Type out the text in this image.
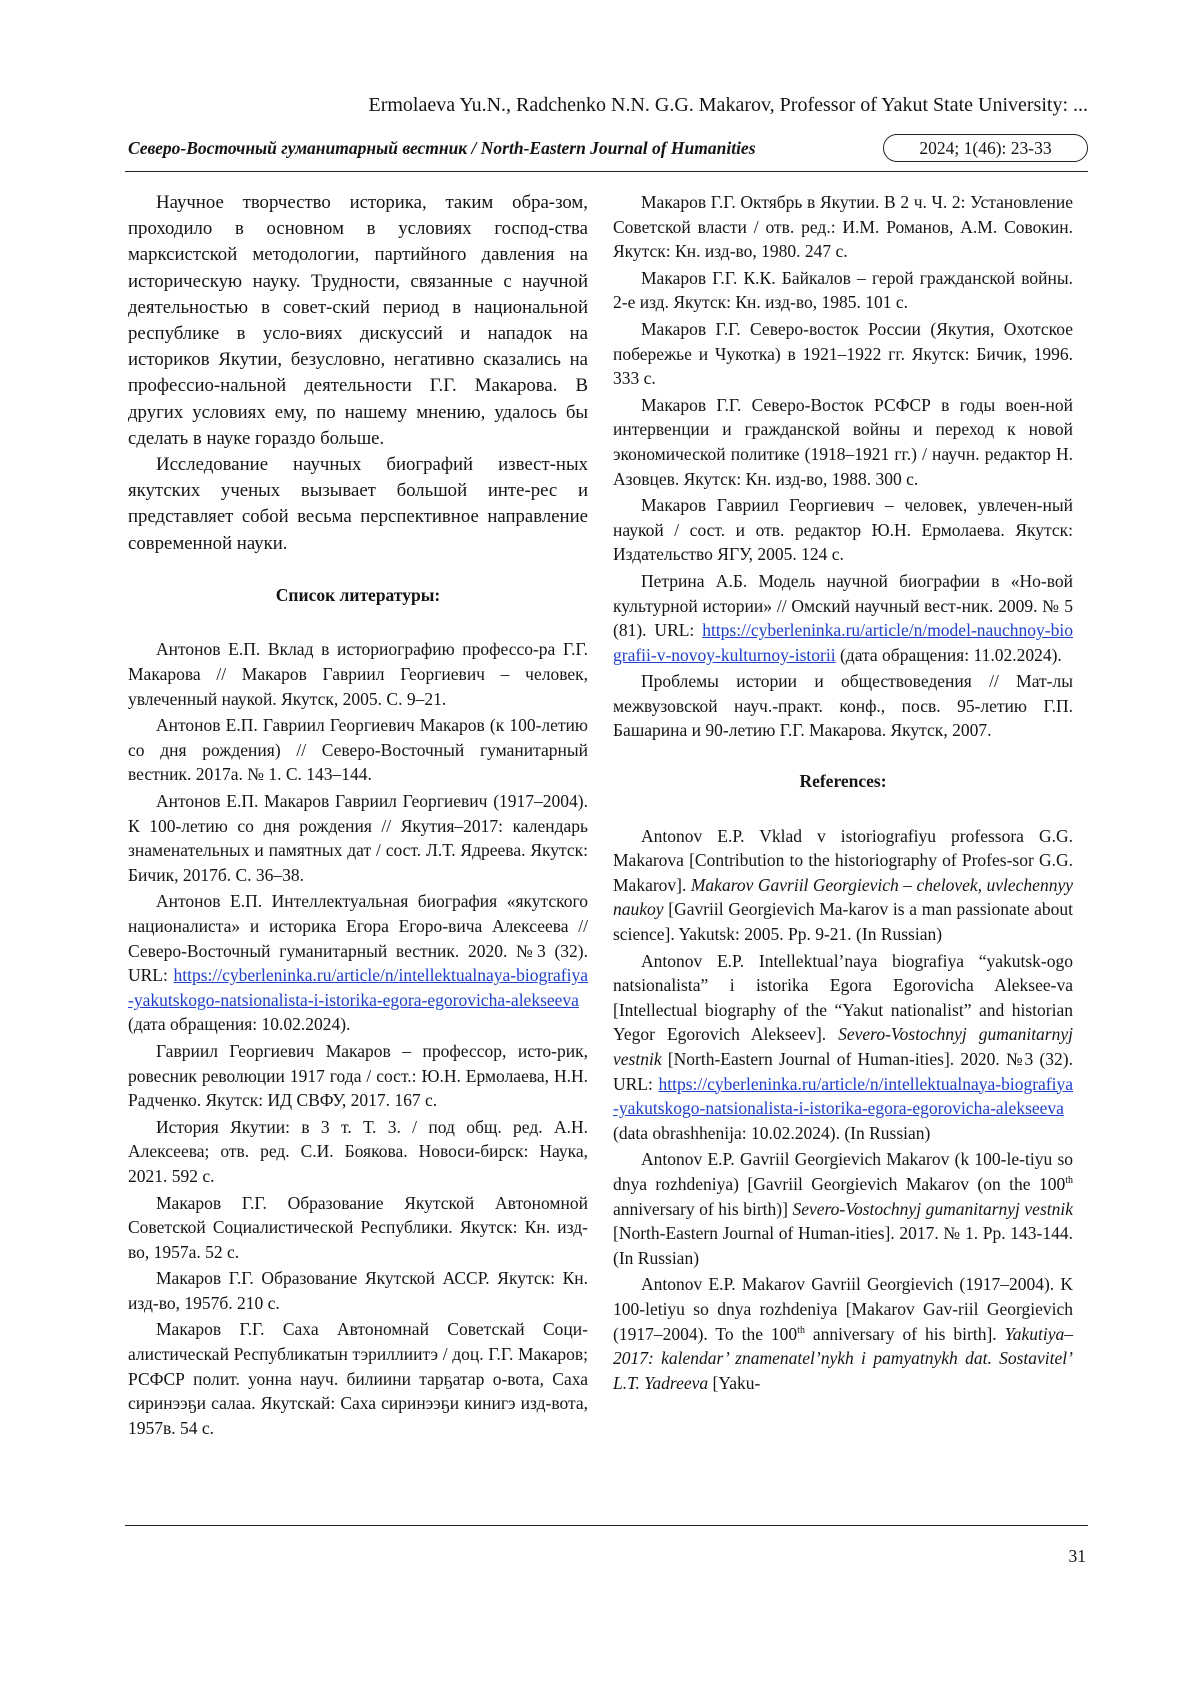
Ermolaeva Yu.N., Radchenko N.N. G.G. Makarov, Professor of Yakut State University: ...
Северо-Восточный гуманитарный вестник / North-Eastern Journal of Humanities	2024; 1(46): 23-33

Научное творчество историка, таким обра-зом, проходило в основном в условиях господ-ства марксистской методологии, партийного давления на историческую науку. Трудности, связанные с научной деятельностью в совет-ский период в национальной республике в усло-виях дискуссий и нападок на историков Якутии, безусловно, негативно сказались на профессио-нальной деятельности Г.Г. Макарова. В других условиях ему, по нашему мнению, удалось бы сделать в науке гораздо больше.

Исследование научных биографий извест-ных якутских ученых вызывает большой инте-рес и представляет собой весьма перспективное направление современной науки.

Список литературы:

Антонов Е.П. Вклад в историографию профессо-ра Г.Г. Макарова // Макаров Гавриил Георгиевич – человек, увлеченный наукой. Якутск, 2005. С. 9–21.

Антонов Е.П. Гавриил Георгиевич Макаров (к 100-летию со дня рождения) // Северо-Восточный гуманитарный вестник. 2017а. № 1. С. 143–144.

Антонов Е.П. Макаров Гавриил Георгиевич (1917–2004). К 100-летию со дня рождения // Якутия–2017: календарь знаменательных и памятных дат / сост. Л.Т. Ядреева. Якутск: Бичик, 2017б. С. 36–38.

Антонов Е.П. Интеллектуальная биография «якутского националиста» и историка Егора Егоро-вича Алексеева // Северо-Восточный гуманитарный вестник. 2020. №3 (32). URL: https://cyberleninka.ru/article/n/intellektualnaya-biografiya-yakutskogo-natsionalista-i-istorika-egora-egorovicha-alekseeva (дата обращения: 10.02.2024).

Гавриил Георгиевич Макаров – профессор, исто-рик, ровесник революции 1917 года / сост.: Ю.Н. Ермолаева, Н.Н. Радченко. Якутск: ИД СВФУ, 2017. 167 с.

История Якутии: в 3 т. Т. 3. / под общ. ред. А.Н. Алексеева; отв. ред. С.И. Боякова. Новоси-бирск: Наука, 2021. 592 с.

Макаров Г.Г. Образование Якутской Автономной Советской Социалистической Республики. Якутск: Кн. изд-во, 1957а. 52 с.

Макаров Г.Г. Образование Якутской АССР. Якутск: Кн. изд-во, 1957б. 210 с.

Макаров Г.Г. Саха Автономнай Советскай Соци-алистическай Республикатын тэриллиитэ / доц. Г.Г. Макаров; РСФСР полит. уонна науч. билиини тарҕатар о-вота, Саха сиринээҕи салаа. Якутскай: Саха сиринээҕи кинигэ изд-вота, 1957в. 54 с.

Макаров Г.Г. Октябрь в Якутии. В 2 ч. Ч. 2: Установление Советской власти / отв. ред.: И.М. Романов, А.М. Совокин. Якутск: Кн. изд-во, 1980. 247 с.

Макаров Г.Г. К.К. Байкалов – герой гражданской войны. 2-е изд. Якутск: Кн. изд-во, 1985. 101 с.

Макаров Г.Г. Северо-восток России (Якутия, Охотское побережье и Чукотка) в 1921–1922 гг. Якутск: Бичик, 1996. 333 с.

Макаров Г.Г. Северо-Восток РСФСР в годы воен-ной интервенции и гражданской войны и переход к новой экономической политике (1918–1921 гг.) / научн. редактор Н. Азовцев. Якутск: Кн. изд-во, 1988. 300 с.

Макаров Гавриил Георгиевич – человек, увлечен-ный наукой / сост. и отв. редактор Ю.Н. Ермолаева. Якутск: Издательство ЯГУ, 2005. 124 с.

Петрина А.Б. Модель научной биографии в «Но-вой культурной истории» // Омский научный вест-ник. 2009. № 5 (81). URL: https://cyberleninka.ru/article/n/model-nauchnoy-biografii-v-novoy-kulturnoy-istorii (дата обращения: 11.02.2024).

Проблемы истории и обществоведения // Мат-лы межвузовской науч.-практ. конф., посв. 95-летию Г.П. Башарина и 90-летию Г.Г. Макарова. Якутск, 2007.

References:

Antonov E.P. Vklad v istoriografiyu professora G.G. Makarova [Contribution to the historiography of Profes-sor G.G. Makarov]. Makarov Gavriil Georgievich – chelovek, uvlechennyy naukoy [Gavriil Georgievich Ma-karov is a man passionate about science]. Yakutsk: 2005. Pp. 9-21. (In Russian)

Antonov E.P. Intellektual’naya biografiya “yakutsk-ogo natsionalista” i istorika Egora Egorovicha Alekseе-va [Intellectual biography of the “Yakut nationalist” and historian Yegor Egorovich Alekseev]. Severo-Vostochnyj gumanitarnyj vestnik [North-Eastern Journal of Human-ities]. 2020. №3 (32). URL: https://cyberleninka.ru/article/n/intellektualnaya-biografiya-yakutskogo-natsionalista-i-istorika-egora-egorovicha-alekseeva (data obrashhenija: 10.02.2024). (In Russian)

Antonov E.P. Gavriil Georgievich Makarov (k 100-le-tiyu so dnya rozhdeniya) [Gavriil Georgievich Makarov (on the 100th anniversary of his birth)] Severo-Vostochnyj gumanitarnyj vestnik [North-Eastern Journal of Human-ities]. 2017. № 1. Pp. 143-144. (In Russian)

Antonov E.P. Makarov Gavriil Georgievich (1917–2004). K 100-letiyu so dnya rozhdeniya [Makarov Gav-riil Georgievich (1917–2004). To the 100th anniversary of his birth]. Yakutiya–2017: kalendar’ znamenatel’nykh i pamyatnykh dat. Sostavitel’ L.T. Yadreeva [Yaku-

31
